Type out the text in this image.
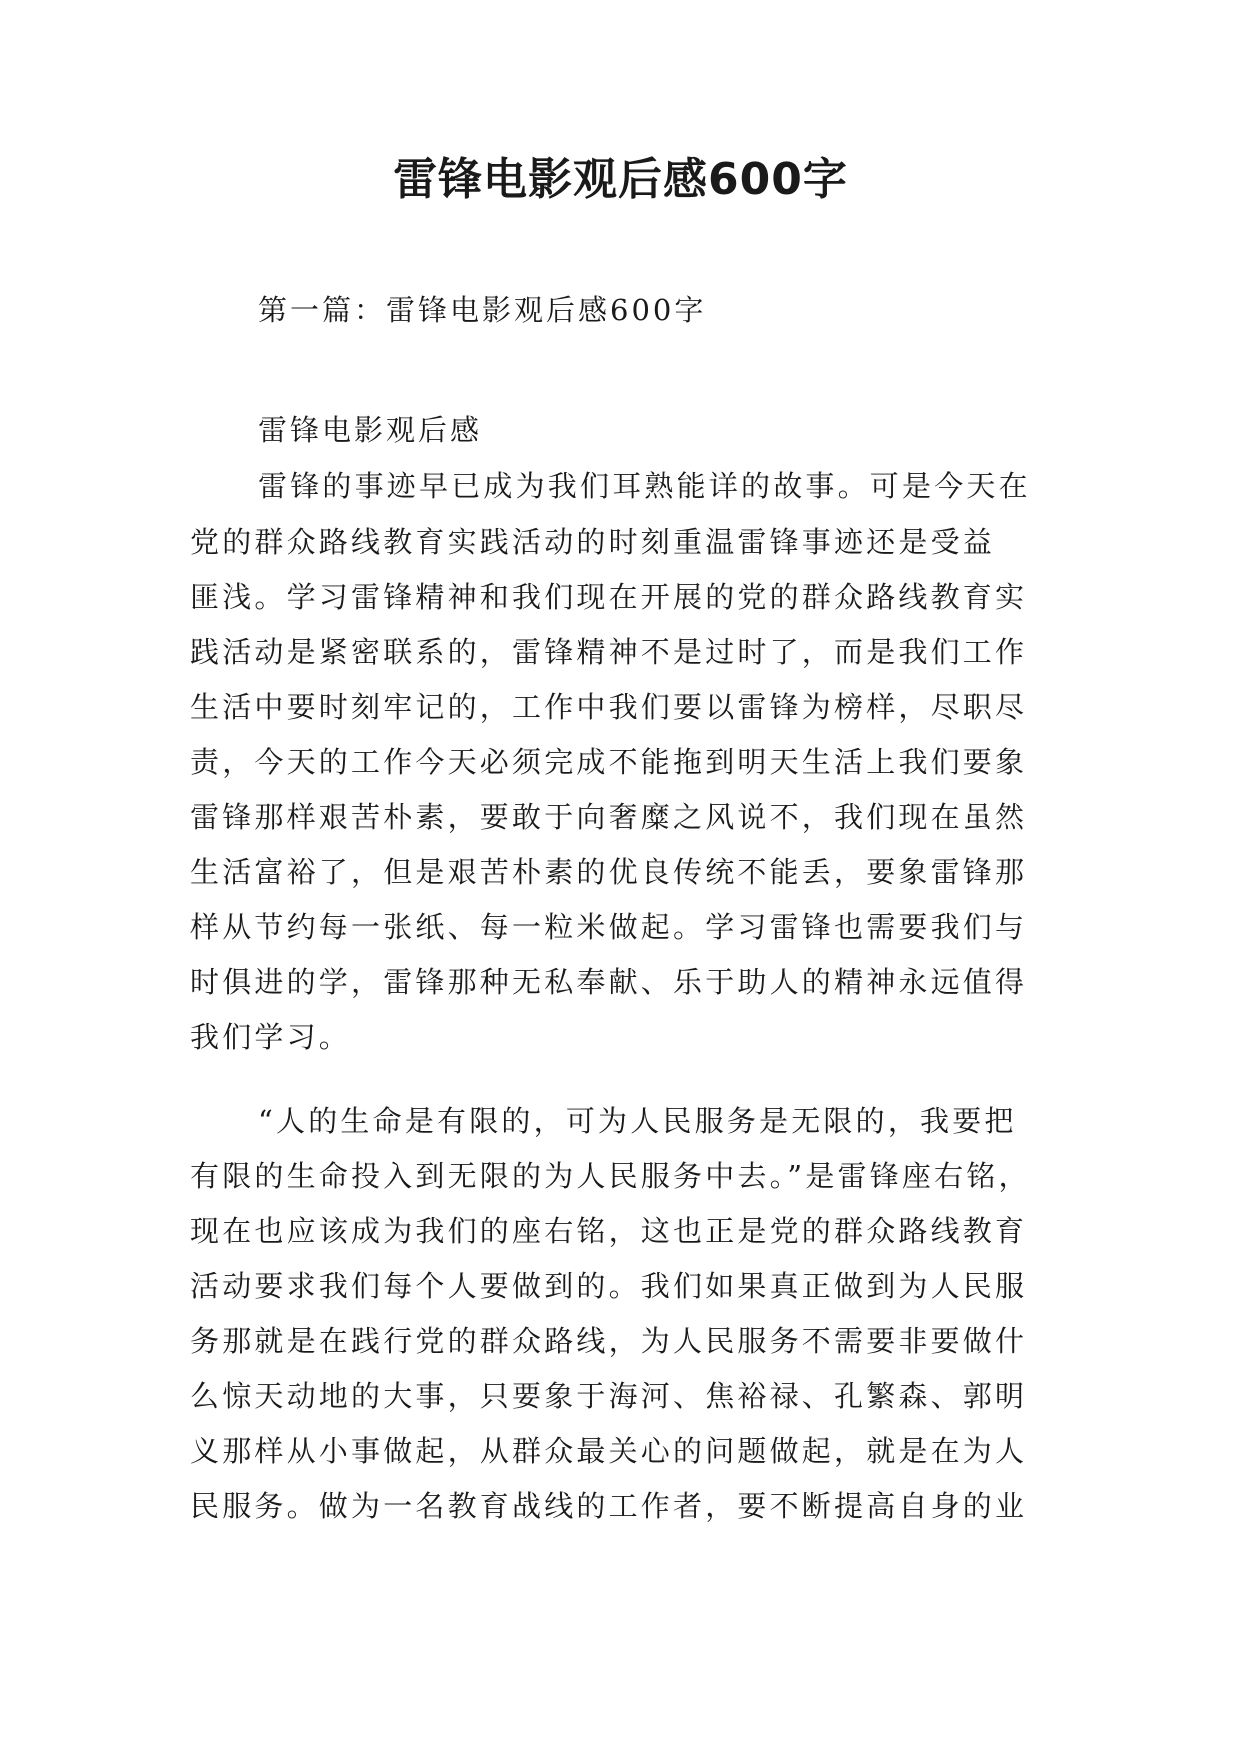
雷锋电影观后感600字
第一篇：雷锋电影观后感600字
雷锋电影观后感
雷锋的事迹早已成为我们耳熟能详的故事。可是今天在
党的群众路线教育实践活动的时刻重温雷锋事迹还是受益
匪浅。学习雷锋精神和我们现在开展的党的群众路线教育实
践活动是紧密联系的，雷锋精神不是过时了，而是我们工作
生活中要时刻牢记的，工作中我们要以雷锋为榜样，尽职尽
责，今天的工作今天必须完成不能拖到明天生活上我们要象
雷锋那样艰苦朴素，要敢于向奢糜之风说不，我们现在虽然
生活富裕了，但是艰苦朴素的优良传统不能丢，要象雷锋那
样从节约每一张纸、每一粒米做起。学习雷锋也需要我们与
时俱进的学，雷锋那种无私奉献、乐于助人的精神永远值得
我们学习。
“人的生命是有限的，可为人民服务是无限的，我要把
有限的生命投入到无限的为人民服务中去。”是雷锋座右铭，
现在也应该成为我们的座右铭，这也正是党的群众路线教育
活动要求我们每个人要做到的。我们如果真正做到为人民服
务那就是在践行党的群众路线，为人民服务不需要非要做什
么惊天动地的大事，只要象于海河、焦裕禄、孔繁森、郭明
义那样从小事做起，从群众最关心的问题做起，就是在为人
民服务。做为一名教育战线的工作者，要不断提高自身的业
